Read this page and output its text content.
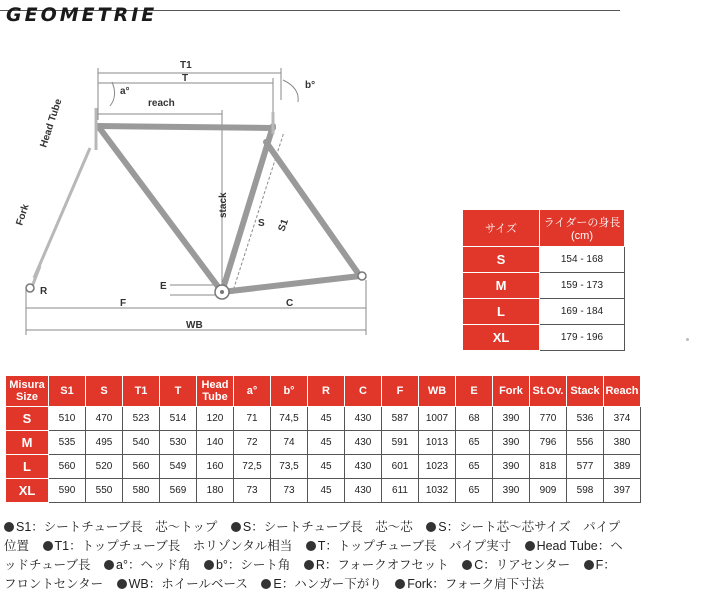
GEOMETRIE
T1
T
a°
b°
reach
Head Tube
Fork	stack
S S1
E
R
F	C
WB
サイズ	ライダーの身長 (cm)
S	154 - 168
M	159 - 173
L	169 - 184
XL	179 - 196
Misura Size	S1	S	T1	T	Head Tube	a°	b°	R	C	F	WB	E	Fork	St.Ov.	Stack	Reach
S	510	470	523	514	120	71	74,5	45	430	587	1007	68	390	770	536	374
M	535	495	540	530	140	72	74	45	430	591	1013	65	390	796	556	380
L	560	520	560	549	160	72,5	73,5	45	430	601	1023	65	390	818	577	389
XL	590	550	580	569	180	73	73	45	430	611	1032	65	390	909	598	397
S1：シートチューブ長　芯～トップ S：シートチューブ長　芯～芯 S：シート芯～芯サイズ　パイプ位置 T1：トップチューブ長　ホリゾンタル相当 T：トップチューブ長　パイプ実寸 Head Tube：ヘッドチューブ長 a°：ヘッド角 b°：シート角 R：フォークオフセット C：リアセンター F：フロントセンター WB：ホイールベース E：ハンガー下がり Fork：フォーク肩下寸法
